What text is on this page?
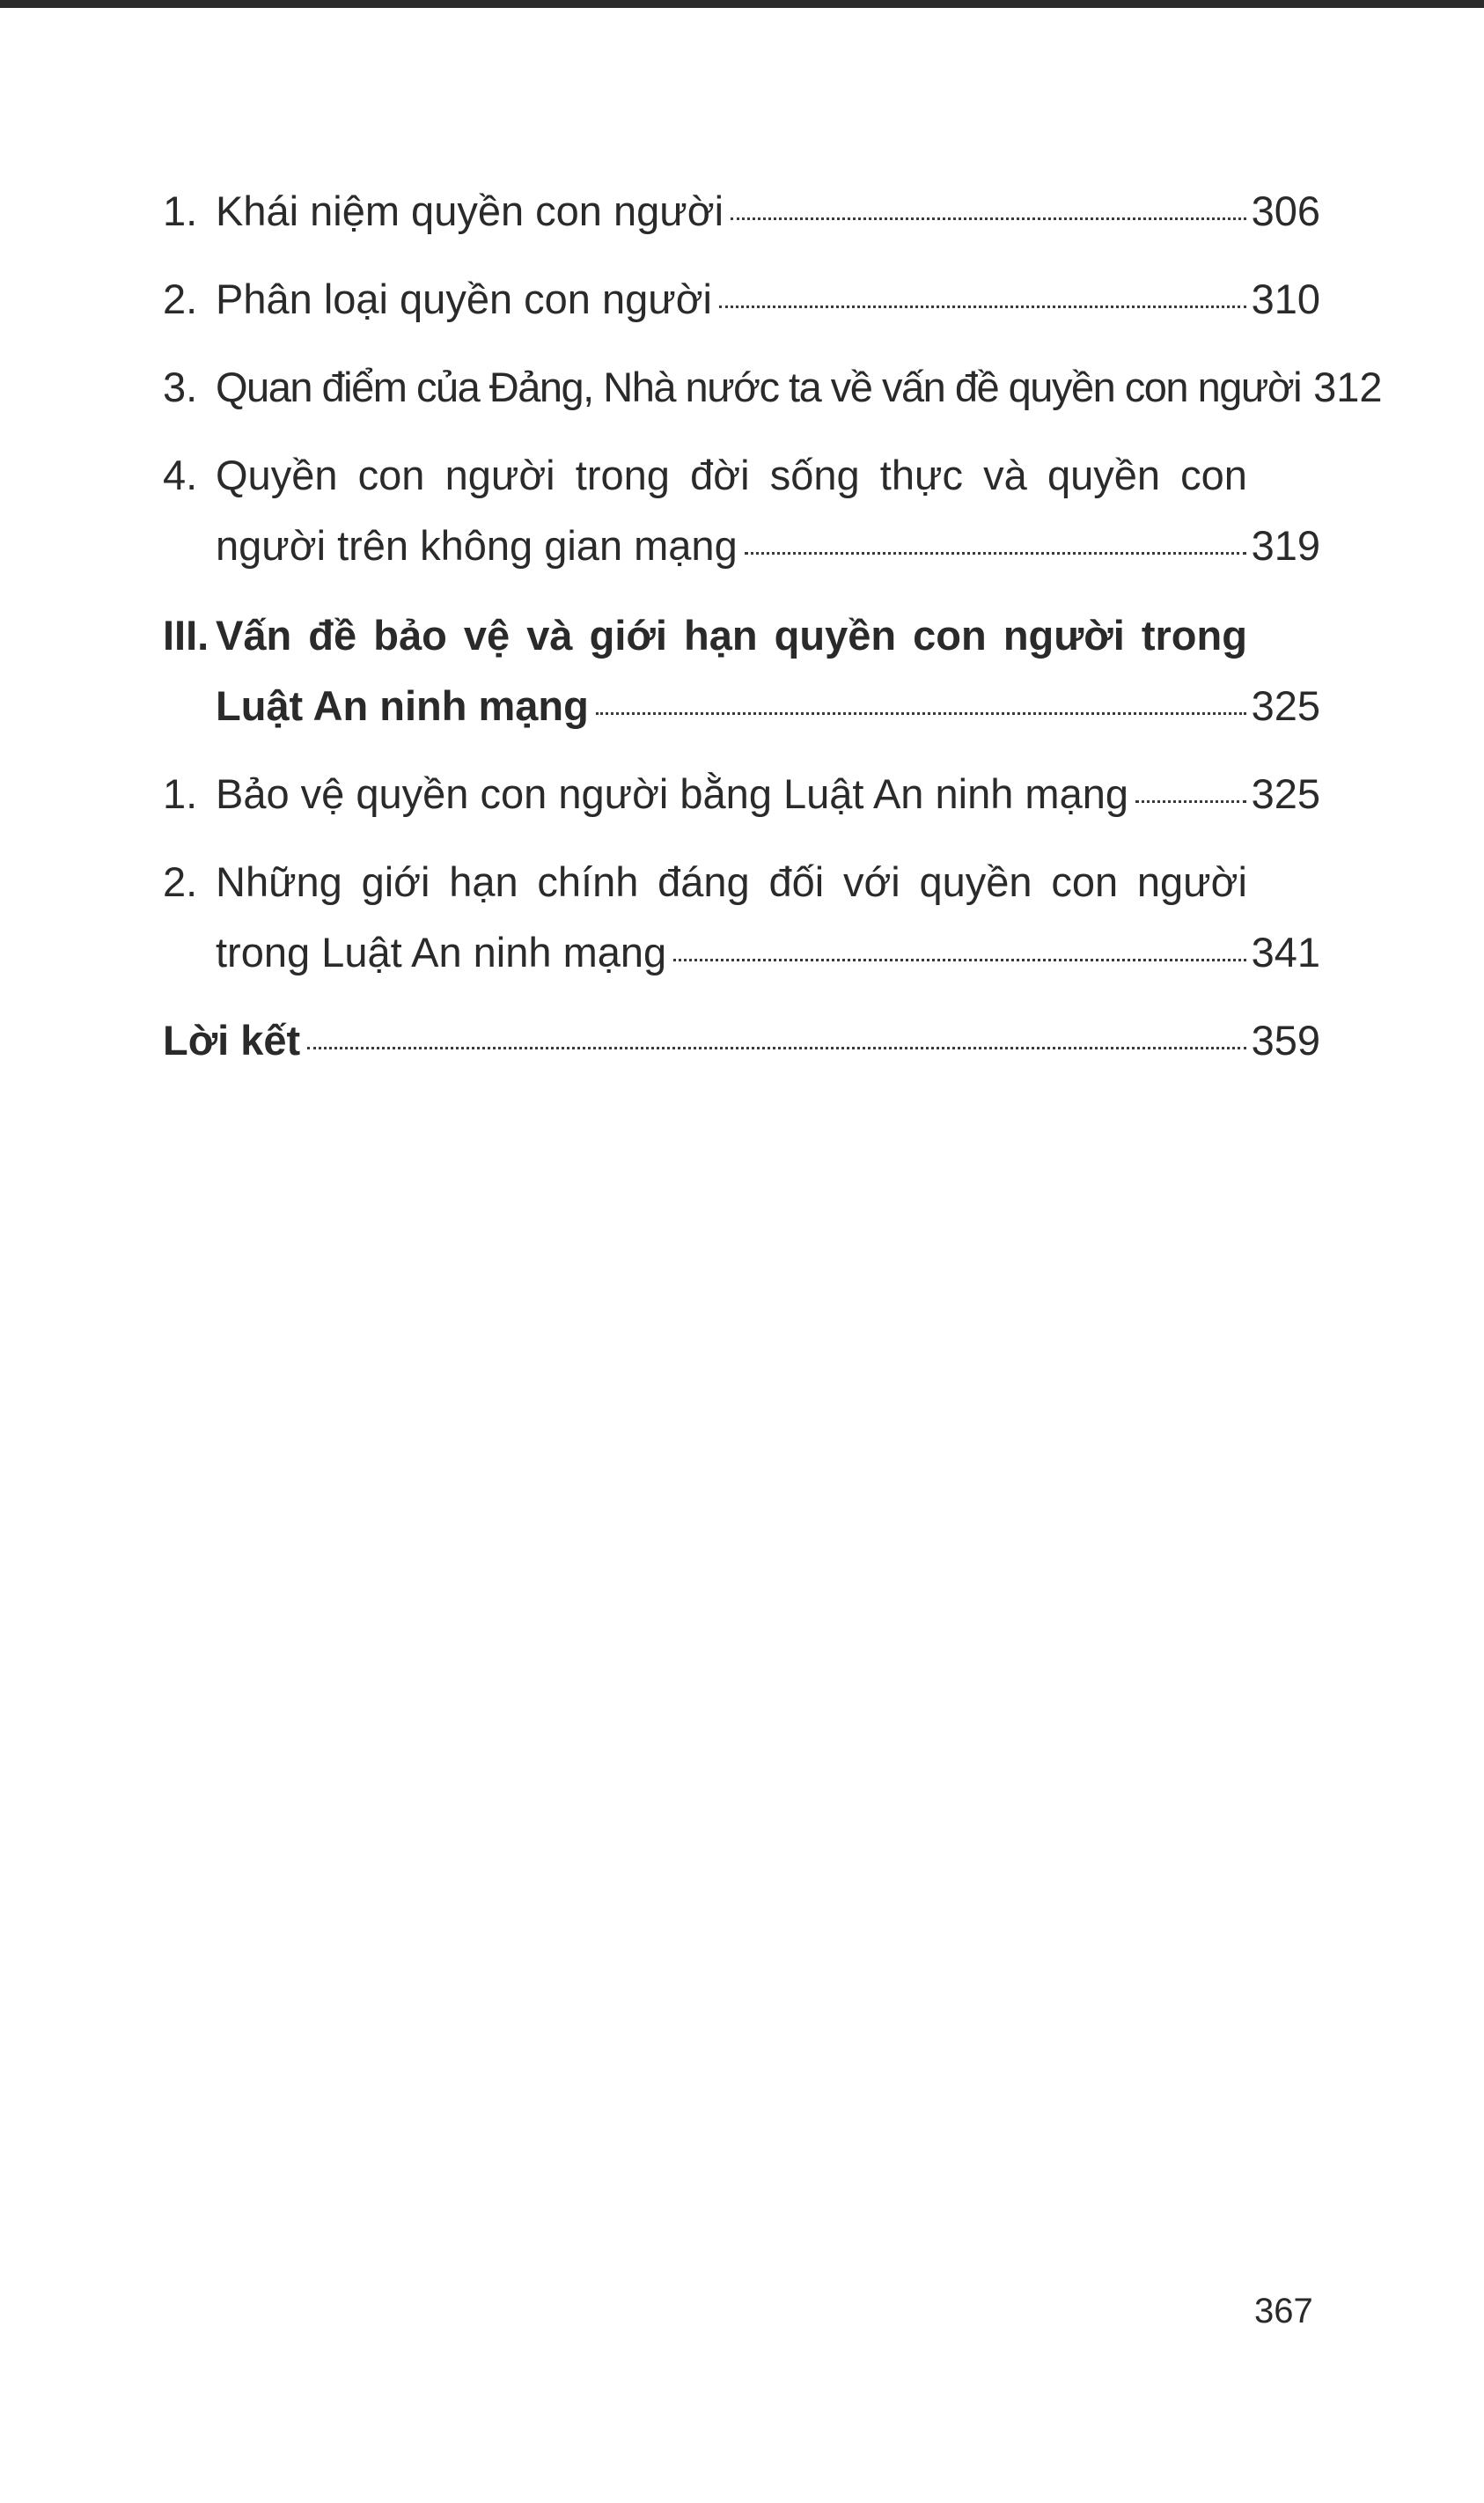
1. Khái niệm quyền con người	306
2. Phân loại quyền con người	310
3. Quan điểm của Đảng, Nhà nước ta về vấn đề quyền con người 312
4. Quyền con người trong đời sống thực và quyền con
người trên không gian mạng	319
III. Vấn đề bảo vệ và giới hạn quyền con người trong
Luật An ninh mạng	325
1. Bảo vệ quyền con người bằng Luật An ninh mạng	325
2. Những giới hạn chính đáng đối với quyền con người
trong Luật An ninh mạng	341
Lời kết	359
367
